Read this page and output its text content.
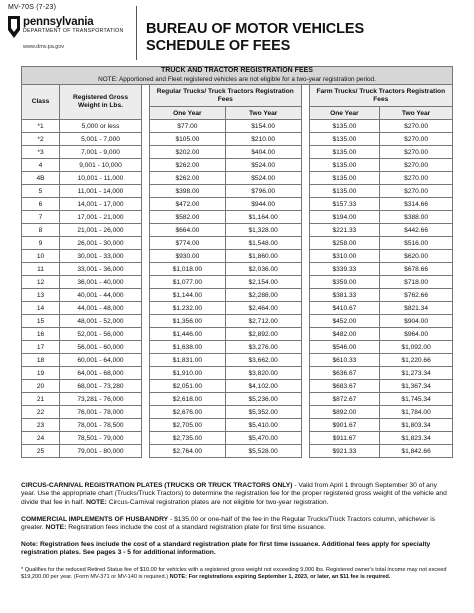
MV-70S (7-23)
pennsylvania
DEPARTMENT OF TRANSPORTATION
www.dmv.pa.gov
BUREAU OF MOTOR VEHICLES
SCHEDULE OF FEES
TRUCK AND TRACTOR REGISTRATION FEES
NOTE: Apportioned and Fleet registered vehicles are not eligible for a two-year registration period.							

Class	Registered Gross Weight in Lbs.		Regular Trucks/ Truck Tractors Registration Fees			Farm Trucks/ Truck Tractors Registration Fees	
			One Year	Two Year		One Year	Two Year
*1	5,000 or less		$77.00	$154.00		$135.00	$270.00
*2	5,001 - 7,000		$105.00	$210.00		$135.00	$270.00
*3	7,001 - 9,000		$202.00	$404.00		$135.00	$270.00
4	9,001 - 10,000		$262.00	$524.00		$135.00	$270.00
4B	10,001 - 11,000		$262.00	$524.00		$135.00	$270.00
5	11,001 - 14,000		$398.00	$796.00		$135.00	$270.00
6	14,001 - 17,000		$472.00	$944.00		$157.33	$314.66
7	17,001 - 21,000		$582.00	$1,164.00		$194.00	$388.00
8	21,001 - 26,000		$664.00	$1,328.00		$221.33	$442.66
9	26,001 - 30,000		$774.00	$1,548.00		$258.00	$516.00
10	30,001 - 33,000		$930.00	$1,860.00		$310.00	$620.00
11	33,001 - 36,000		$1,018.00	$2,036.00		$339.33	$678.66
12	36,001 - 40,000		$1,077.00	$2,154.00		$359.00	$718.00
13	40,001 - 44,000		$1,144.00	$2,288.00		$381.33	$762.66
14	44,001 - 48,000		$1,232.00	$2,464.00		$410.67	$821.34
15	48,001 - 52,000		$1,356.00	$2,712.00		$452.00	$904.00
16	52,001 - 56,000		$1,446.00	$2,892.00		$482.00	$964.00
17	56,001 - 60,000		$1,638.00	$3,276.00		$546.00	$1,092.00
18	60,001 - 64,000		$1,831.00	$3,662.00		$610.33	$1,220.66
19	64,001 - 68,000		$1,910.00	$3,820.00		$636.67	$1,273.34
20	68,001 - 73,280		$2,051.00	$4,102.00		$683.67	$1,367.34
21	73,281 - 76,000		$2,618.00	$5,236.00		$872.67	$1,745.34
22	76,001 - 78,000		$2,676.00	$5,352.00		$892.00	$1,784.00
23	78,001 - 78,500		$2,705.00	$5,410.00		$901.67	$1,803.34
24	78,501 - 79,000		$2,735.00	$5,470.00		$911.67	$1,823.34
25	79,001 - 80,000		$2,764.00	$5,528.00		$921.33	$1,842.66
CIRCUS-CARNIVAL REGISTRATION PLATES (TRUCKS OR TRUCK TRACTORS ONLY) - Valid from April 1 through September 30 of any year. Use the appropriate chart (Trucks/Truck Tractors) to determine the registration fee for the proper registered gross weight of the vehicle and divide that fee in half. NOTE: Circus-Carnival registration plates are not eligible for two-year registration.
COMMERCIAL IMPLEMENTS OF HUSBANDRY - $135.00 or one-half of the fee in the Regular Trucks/Truck Tractors column, whichever is greater. NOTE: Registration fees include the cost of a standard registration plate for first time issuance.
Note: Registration fees include the cost of a standard registration plate for first time issuance. Additional fees apply for specialty registration plates. See pages 3 - 5 for additional information.
* Qualifies for the reduced Retired Status fee of $10.00 for vehicles with a registered gross weight not exceeding 9,000 lbs. Registered owner's total income may not exceed $19,200.00 per year. (Form MV-371 or MV-140 is required.) NOTE: For registrations expiring September 1, 2023, or later, an $11 fee is required.
